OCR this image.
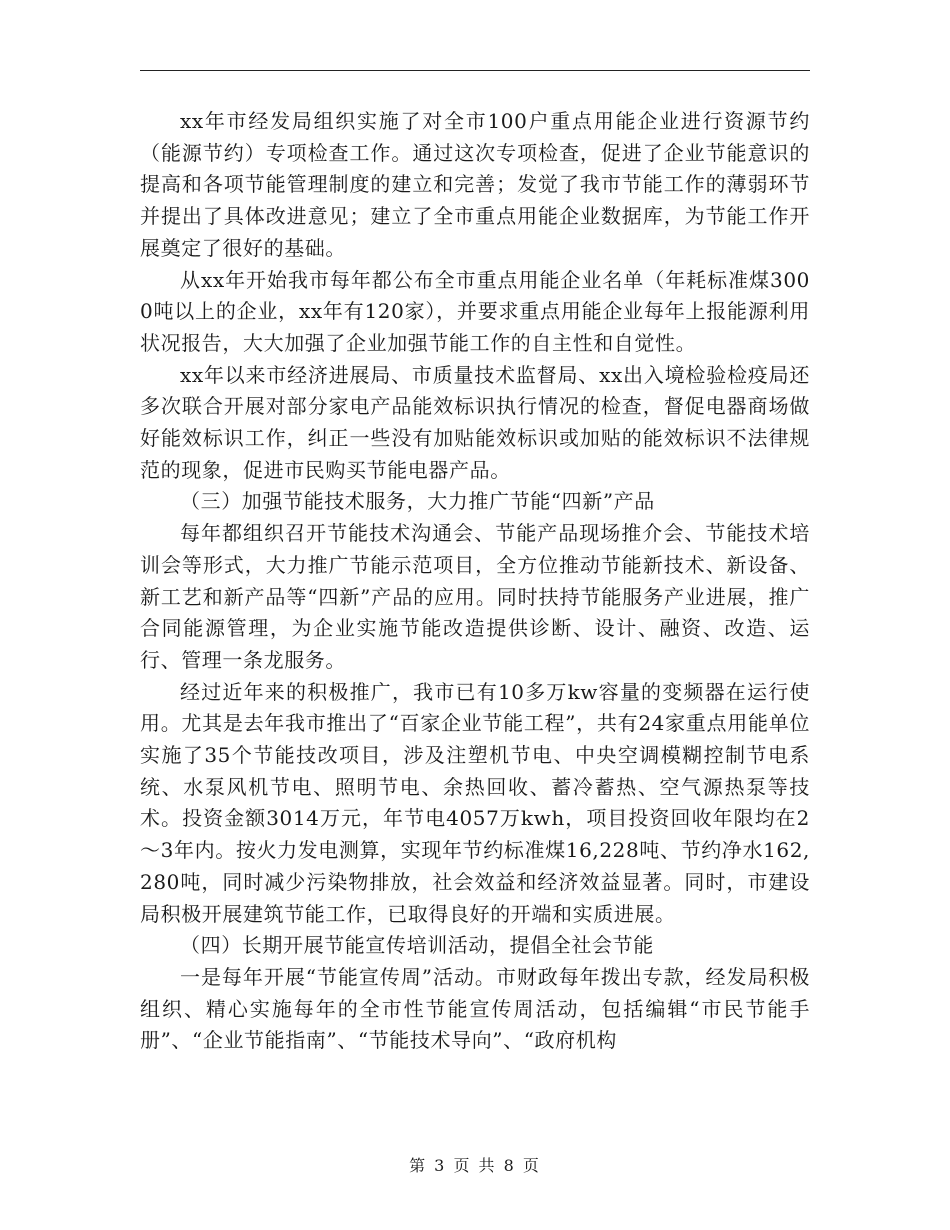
xx年市经发局组织实施了对全市100户重点用能企业进行资源节约（能源节约）专项检查工作。通过这次专项检查，促进了企业节能意识的提高和各项节能管理制度的建立和完善；发觉了我市节能工作的薄弱环节并提出了具体改进意见；建立了全市重点用能企业数据库，为节能工作开展奠定了很好的基础。

从xx年开始我市每年都公布全市重点用能企业名单（年耗标准煤3000吨以上的企业，xx年有120家），并要求重点用能企业每年上报能源利用状况报告，大大加强了企业加强节能工作的自主性和自觉性。

xx年以来市经济进展局、市质量技术监督局、xx出入境检验检疫局还多次联合开展对部分家电产品能效标识执行情况的检查，督促电器商场做好能效标识工作，纠正一些没有加贴能效标识或加贴的能效标识不法律规范的现象，促进市民购买节能电器产品。

（三）加强节能技术服务，大力推广节能“四新”产品

每年都组织召开节能技术沟通会、节能产品现场推介会、节能技术培训会等形式，大力推广节能示范项目，全方位推动节能新技术、新设备、新工艺和新产品等“四新”产品的应用。同时扶持节能服务产业进展，推广合同能源管理，为企业实施节能改造提供诊断、设计、融资、改造、运行、管理一条龙服务。

经过近年来的积极推广，我市已有10多万kw容量的变频器在运行使用。尤其是去年我市推出了“百家企业节能工程”，共有24家重点用能单位实施了35个节能技改项目，涉及注塑机节电、中央空调模糊控制节电系统、水泵风机节电、照明节电、余热回收、蓄冷蓄热、空气源热泵等技术。投资金额3014万元，年节电4057万kwh，项目投资回收年限均在2～3年内。按火力发电测算，实现年节约标准煤16,228吨、节约净水162,280吨，同时减少污染物排放，社会效益和经济效益显著。同时，市建设局积极开展建筑节能工作，已取得良好的开端和实质进展。

（四）长期开展节能宣传培训活动，提倡全社会节能

一是每年开展“节能宣传周”活动。市财政每年拨出专款，经发局积极组织、精心实施每年的全市性节能宣传周活动，包括编辑“市民节能手册”、“企业节能指南”、“节能技术导向”、“政府机构

第 3 页 共 8 页
